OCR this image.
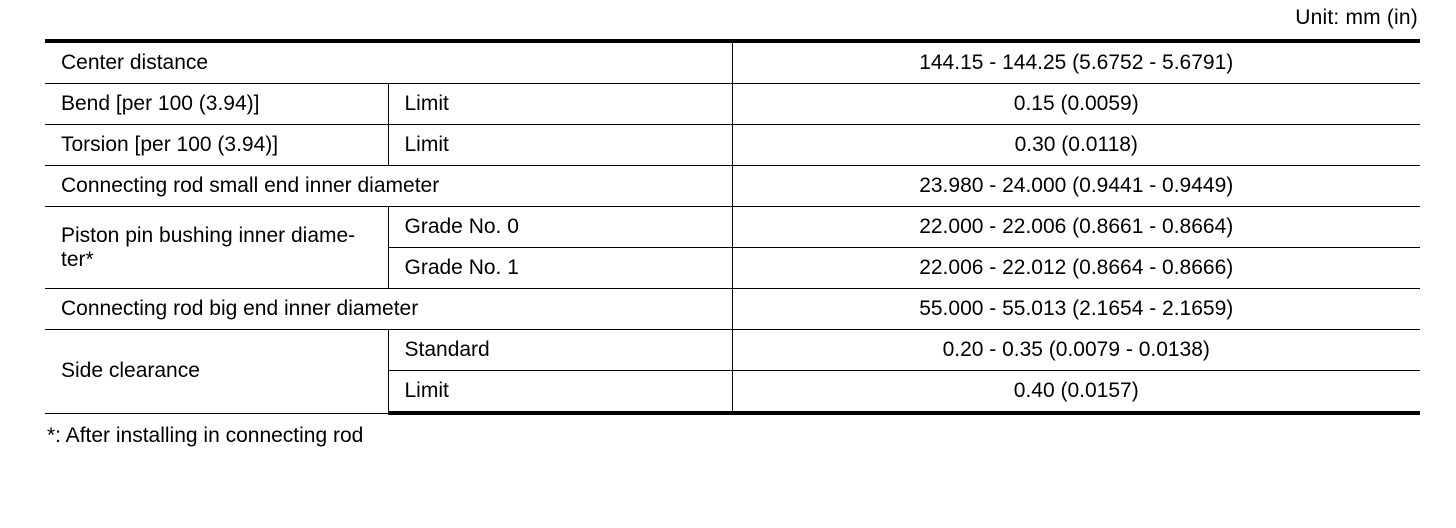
Unit: mm (in)
Center distance		144.15 - 144.25 (5.6752 - 5.6791)
Bend [per 100 (3.94)]	Limit	0.15 (0.0059)
Torsion [per 100 (3.94)]	Limit	0.30 (0.0118)
Connecting rod small end inner diameter		23.980 - 24.000 (0.9441 - 0.9449)

Piston pin bushing inner diame-
ter*	Grade No. 0	22.000 - 22.006 (0.8661 - 0.8664)
	Grade No. 1	22.006 - 22.012 (0.8664 - 0.8666)
Connecting rod big end inner diameter		55.000 - 55.013 (2.1654 - 2.1659)
Side clearance	Standard	0.20 - 0.35 (0.0079 - 0.0138)
	Limit	0.40 (0.0157)
*: After installing in connecting rod
